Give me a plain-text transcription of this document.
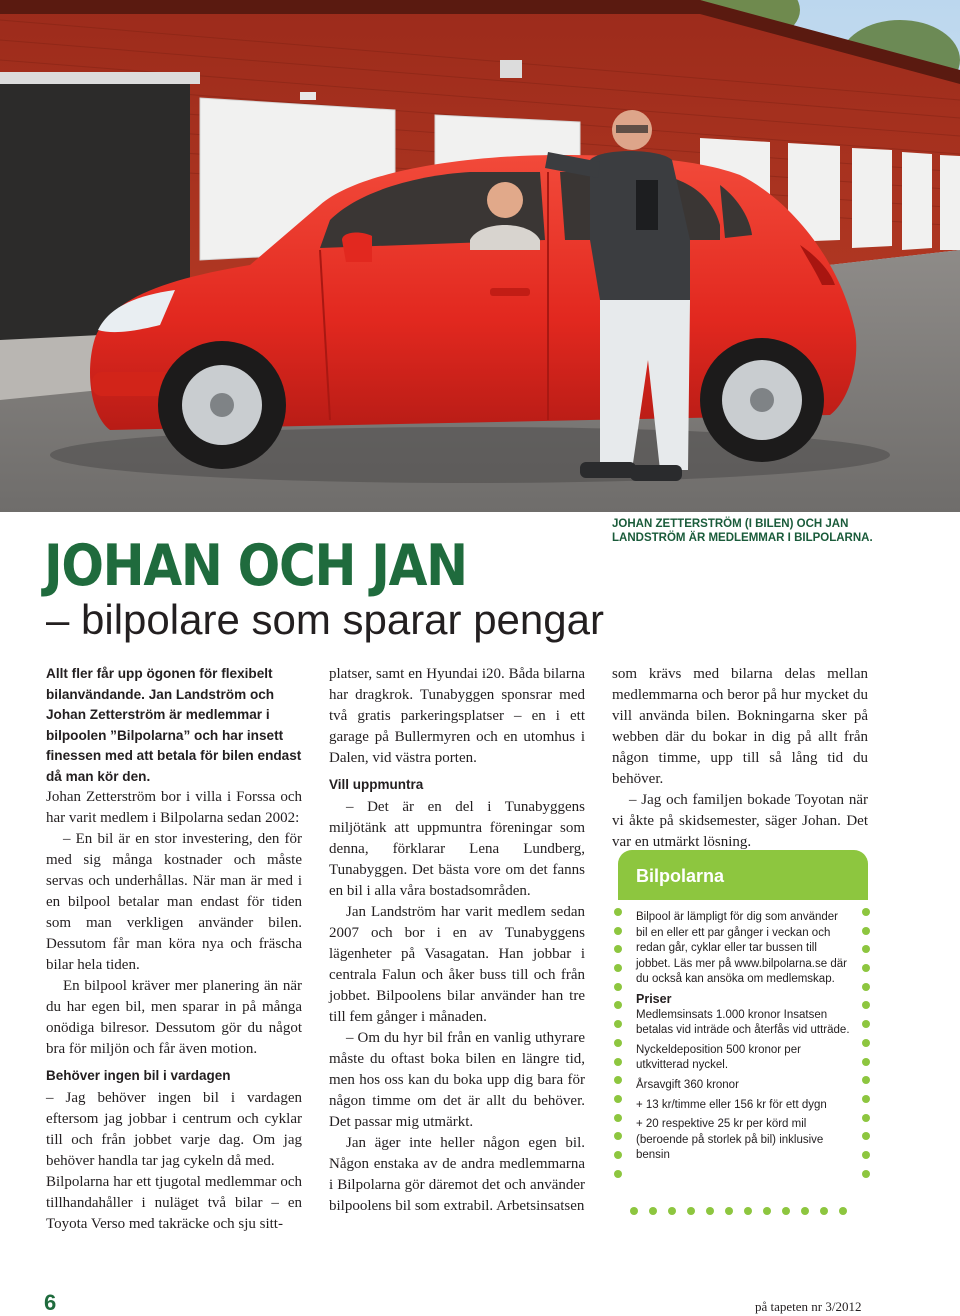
JOHAN ZETTERSTRÖM (I BILEN) OCH JAN LANDSTRÖM ÄR MEDLEMMAR I BILPOLARNA.
JOHAN OCH JAN
– bilpolare som sparar pengar

Allt fler får upp ögonen för flexibelt bilanvändande. Jan Landström och Johan Zetterström är medlemmar i bilpoolen ”Bilpolarna” och har insett finessen med att betala för bilen endast då man kör den.

Johan Zetterström bor i villa i Forssa och har varit medlem i Bilpolarna sedan 2002:

– En bil är en stor investering, den för med sig många kostnader och måste servas och underhållas. När man är med i en bilpool betalar man endast för tiden som man verkligen använder bilen. Dessutom får man köra nya och fräscha bilar hela tiden.

En bilpool kräver mer planering än när du har egen bil, men sparar in på många onödiga bilresor. Dessutom gör du något bra för miljön och får även motion.

Behöver ingen bil i vardagen

– Jag behöver ingen bil i vardagen eftersom jag jobbar i centrum och cyklar till och från jobbet varje dag. Om jag behöver handla tar jag cykeln då med.

Bilpolarna har ett tjugotal medlemmar och tillhandahåller i nuläget två bilar – en Toyota Verso med takräcke och sju sitt-

platser, samt en Hyundai i20. Båda bilarna har dragkrok. Tunabyggen sponsrar med två gratis parkeringsplatser – en i ett garage på Bullermyren och en utomhus i Dalen, vid västra porten.

Vill uppmuntra

– Det är en del i Tunabyggens miljötänk att uppmuntra föreningar som denna, förklarar Lena Lundberg, Tunabyggen. Det bästa vore om det fanns en bil i alla våra bostadsområden.

Jan Landström har varit medlem sedan 2007 och bor i en av Tunabyggens lägenheter på Vasagatan. Han jobbar i centrala Falun och åker buss till och från jobbet. Bilpoolens bilar använder han tre till fem gånger i månaden.

– Om du hyr bil från en vanlig uthyrare måste du oftast boka bilen en längre tid, men hos oss kan du boka upp dig bara för någon timme om det är allt du behöver. Det passar mig utmärkt.

Jan äger inte heller någon egen bil. Någon enstaka av de andra medlemmarna i Bilpolarna gör däremot det och använder bilpoolens bil som extrabil. Arbetsinsatsen

som krävs med bilarna delas mellan medlemmarna och beror på hur mycket du vill använda bilen. Bokningarna sker på webben där du bokar in dig på allt från någon timme, upp till så lång tid du behöver.

– Jag och familjen bokade Toyotan när vi åkte på skidsemester, säger Johan. Det var en utmärkt lösning.

Bilpolarna

Bilpool är lämpligt för dig som använder bil en eller ett par gånger i veckan och redan går, cyklar eller tar bussen till jobbet. Läs mer på www.bilpolarna.se där du också kan ansöka om medlemskap.

Priser

Medlemsinsats 1.000 kronor Insatsen betalas vid inträde och återfås vid utträde.

Nyckeldeposition 500 kronor per utkvitterad nyckel.

Årsavgift 360 kronor

+ 13 kr/timme eller 156 kr för ett dygn

+ 20 respektive 25 kr per körd mil (beroende på storlek på bil) inklusive bensin

6	på tapeten nr 3/2012
